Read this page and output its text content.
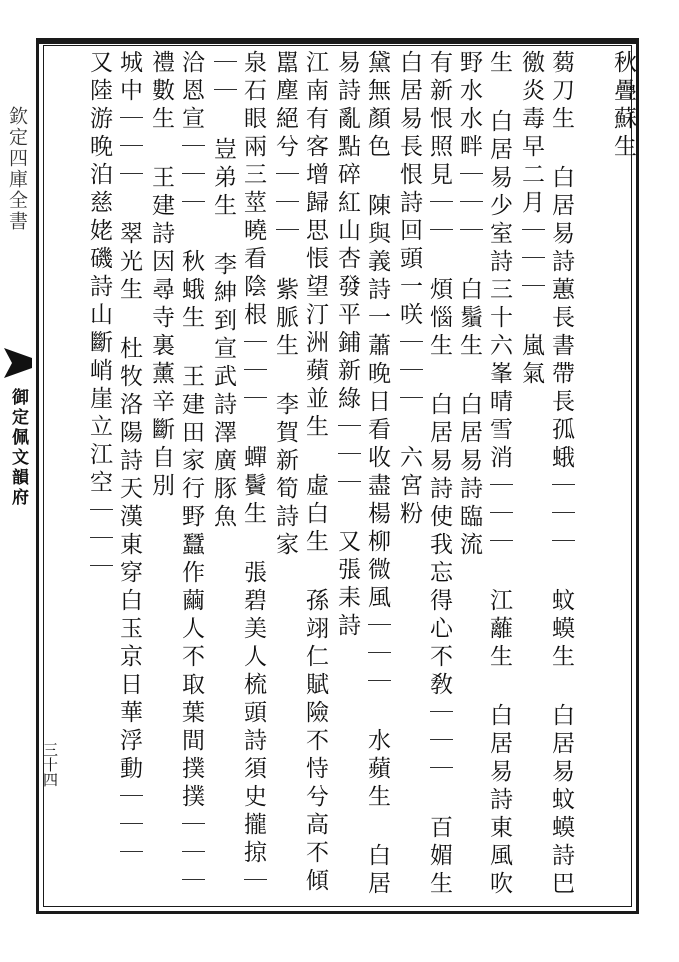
欽定四庫全書
御定佩文韻府
三十四
秋疊蘇生
蒭刀生 白居易詩蕙長書帶長孤蛾｜｜｜ 蚊蟆生 白居易蚊蟆詩巴徼炎毒早二月｜｜｜ 嵐氣
生 白居易少室詩三十六峯晴雪消｜｜｜ 江蘺生 白居易詩東風吹野水水畔｜｜｜ 白鬚生 白居易詩臨流
有新恨照見｜｜ 煩惱生 白居易詩使我忘得心不敎｜｜｜ 百媚生 白居易長恨詩回頭一咲｜｜｜ 六宮粉
黛無顏色 陳與義詩一蕭晚日看收盡楊柳微風｜｜｜ 水蘋生 白居易詩亂點碎紅山杏發平鋪新綠｜｜｜ 又張耒詩
江南有客增歸思悵望汀洲蘋並生 虛白生 孫翊仁賦險不恃兮高不傾嚚塵絕兮｜｜｜ 紫脈生 李賀新筍詩家
泉石眼兩三莖曉看陰根｜｜｜ 蟬鬢生 張碧美人梳頭詩須史攏掠｜｜｜ 豈弟生 李紳到宣武詩澤廣豚魚
洽恩宣｜｜｜ 秋蛾生 王建田家行野蠶作繭人不取葉間撲撲｜｜｜ 禮數生 王建詩因尋寺裏薰辛斷自別
城中｜｜｜ 翠光生 杜牧洛陽詩天漢東穿白玉京日華浮動｜｜｜ 又陸游晚泊慈姥磯詩山斷峭崖立江空｜｜｜
